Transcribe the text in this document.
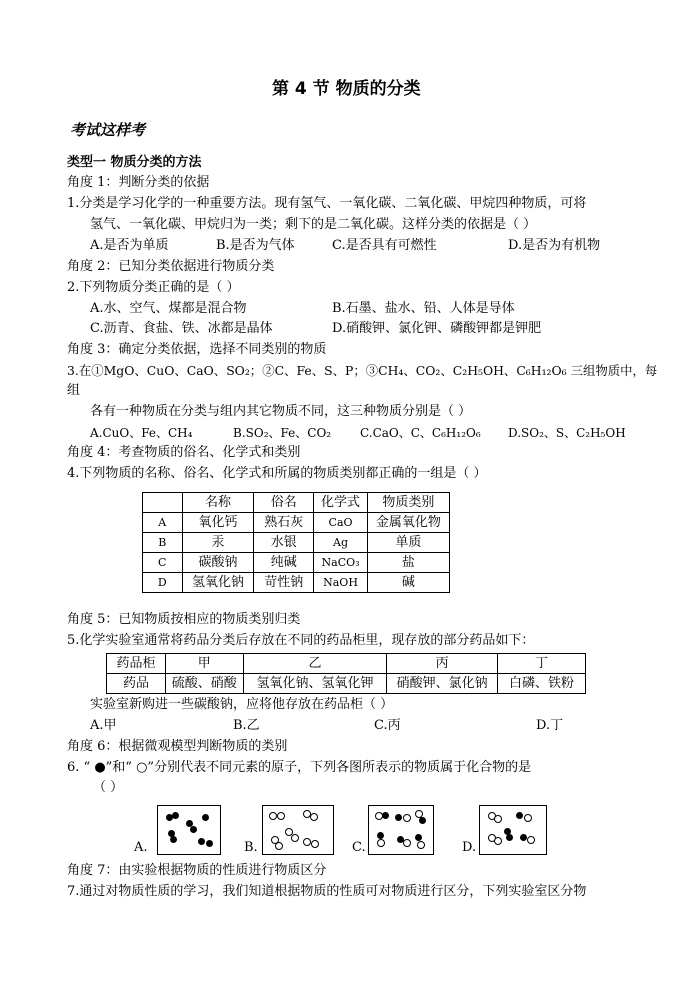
第 4 节 物质的分类
考试这样考
类型一 物质分类的方法
角度 1：判断分类的依据
1.分类是学习化学的一种重要方法。现有氢气、一氧化碳、二氧化碳、甲烷四种物质，可将
氢气、一氧化碳、甲烷归为一类；剩下的是二氧化碳。这样分类的依据是（ ）
A.是否为单质	B.是否为气体	C.是否具有可燃性	D.是否为有机物
角度 2：已知分类依据进行物质分类
2.下列物质分类正确的是（ ）
A.水、空气、煤都是混合物	B.石墨、盐水、铅、人体是导体
C.沥青、食盐、铁、冰都是晶体	D.硝酸钾、氯化钾、磷酸钾都是钾肥
角度 3：确定分类依据，选择不同类别的物质
3.在①MgO、CuO、CaO、SO₂；②C、Fe、S、P；③CH₄、CO₂、C₂H₅OH、C₆H₁₂O₆ 三组物质中，每
组
各有一种物质在分类与组内其它物质不同，这三种物质分别是（ ）
A.CuO、Fe、CH₄	B.SO₂、Fe、CO₂ C.CaO、C、C₆H₁₂O₆ D.SO₂、S、C₂H₅OH
角度 4：考查物质的俗名、化学式和类别
4.下列物质的名称、俗名、化学式和所属的物质类别都正确的一组是（ ）
	名称	俗名	化学式	物质类别
A	氧化钙	熟石灰	CaO	金属氧化物
B	汞	水银	Ag	单质
C	碳酸钠	纯碱	NaCO₃	盐
D	氢氧化钠	苛性钠	NaOH	碱
角度 5：已知物质按相应的物质类别归类
5.化学实验室通常将药品分类后存放在不同的药品柜里，现存放的部分药品如下：
药品柜	甲	乙	丙	丁
药品	硫酸、硝酸	氢氧化钠、氢氧化钾	硝酸钾、氯化钠	白磷、铁粉
实验室新购进一些碳酸钠，应将他存放在药品柜（ ）
A.甲	B.乙	C.丙	D.丁
角度 6：根据微观模型判断物质的类别
6. “ ●”和“ ○”分别代表不同元素的原子，下列各图所表示的物质属于化合物的是
（ ）
A.	B.	C.	D.
角度 7：由实验根据物质的性质进行物质区分
7.通过对物质性质的学习，我们知道根据物质的性质可对物质进行区分，下列实验室区分物
